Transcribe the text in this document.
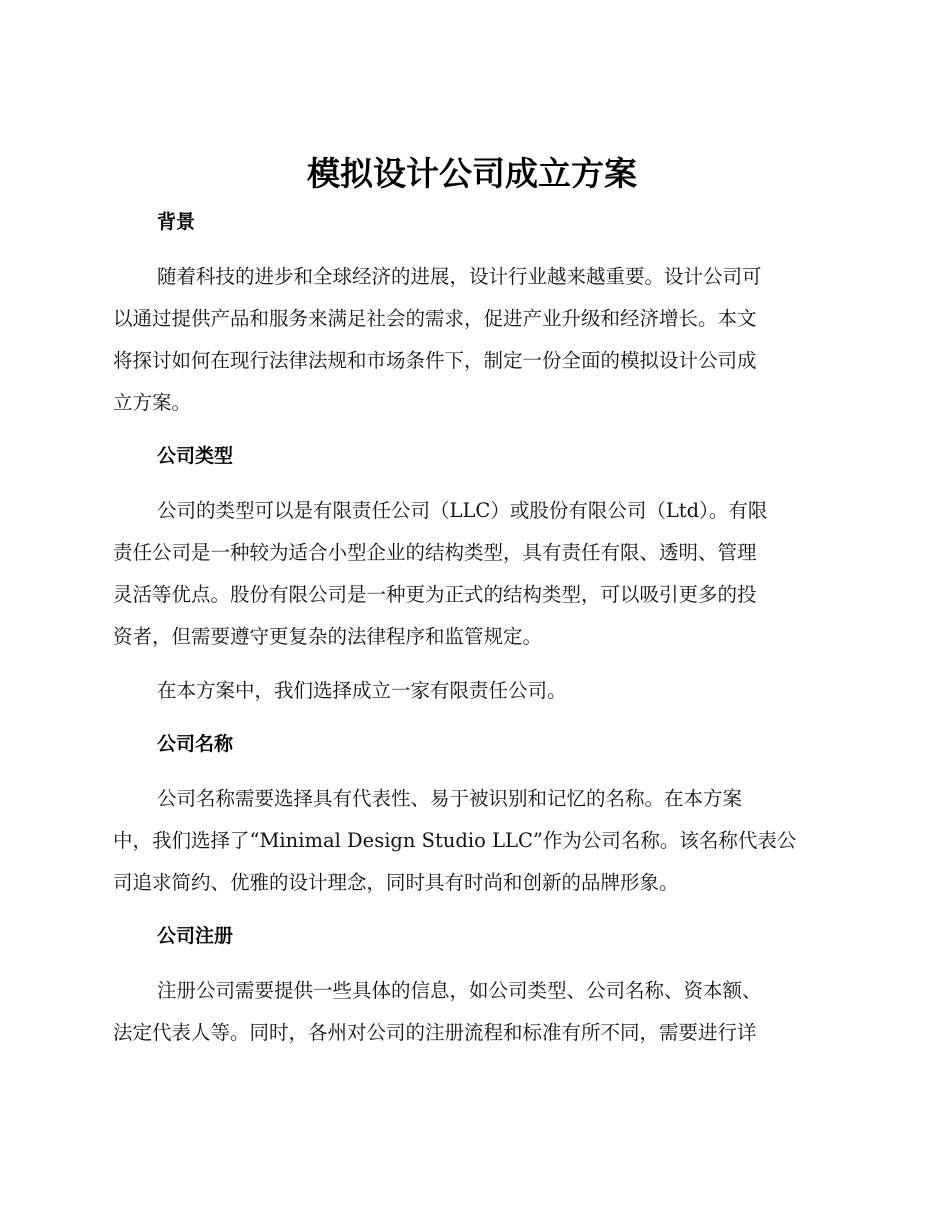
模拟设计公司成立方案
背景
随着科技的进步和全球经济的进展，设计行业越来越重要。设计公司可
以通过提供产品和服务来满足社会的需求，促进产业升级和经济增长。本文
将探讨如何在现行法律法规和市场条件下，制定一份全面的模拟设计公司成
立方案。
公司类型
公司的类型可以是有限责任公司（LLC）或股份有限公司（Ltd）。有限
责任公司是一种较为适合小型企业的结构类型，具有责任有限、透明、管理
灵活等优点。股份有限公司是一种更为正式的结构类型，可以吸引更多的投
资者，但需要遵守更复杂的法律程序和监管规定。
在本方案中，我们选择成立一家有限责任公司。
公司名称
公司名称需要选择具有代表性、易于被识别和记忆的名称。在本方案
中，我们选择了“Minimal Design Studio LLC”作为公司名称。该名称代表公
司追求简约、优雅的设计理念，同时具有时尚和创新的品牌形象。
公司注册
注册公司需要提供一些具体的信息，如公司类型、公司名称、资本额、
法定代表人等。同时，各州对公司的注册流程和标准有所不同，需要进行详
